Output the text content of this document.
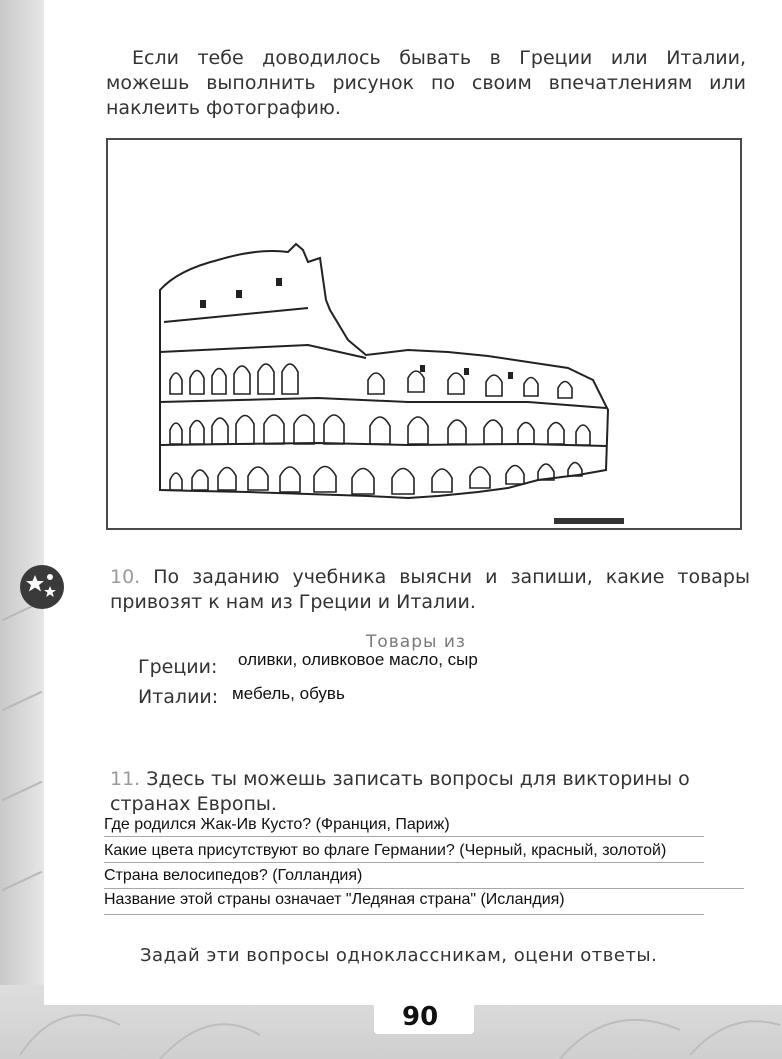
Если тебе доводилось бывать в Греции или Италии, можешь выполнить рисунок по своим впечатлениям или наклеить фотографию.
10. По заданию учебника выясни и запиши, какие товары привозят к нам из Греции и Италии.
Товары из
Греции: оливки, оливковое масло, сыр
Италии: мебель, обувь
11. Здесь ты можешь записать вопросы для викторины о странах Европы.
Где родился Жак-Ив Кусто? (Франция, Париж)
Какие цвета присутствуют во флаге Германии? (Черный, красный, золотой)
Страна велосипедов? (Голландия)
Название этой страны означает "Ледяная страна" (Исландия)
Задай эти вопросы одноклассникам, оцени ответы.
90
